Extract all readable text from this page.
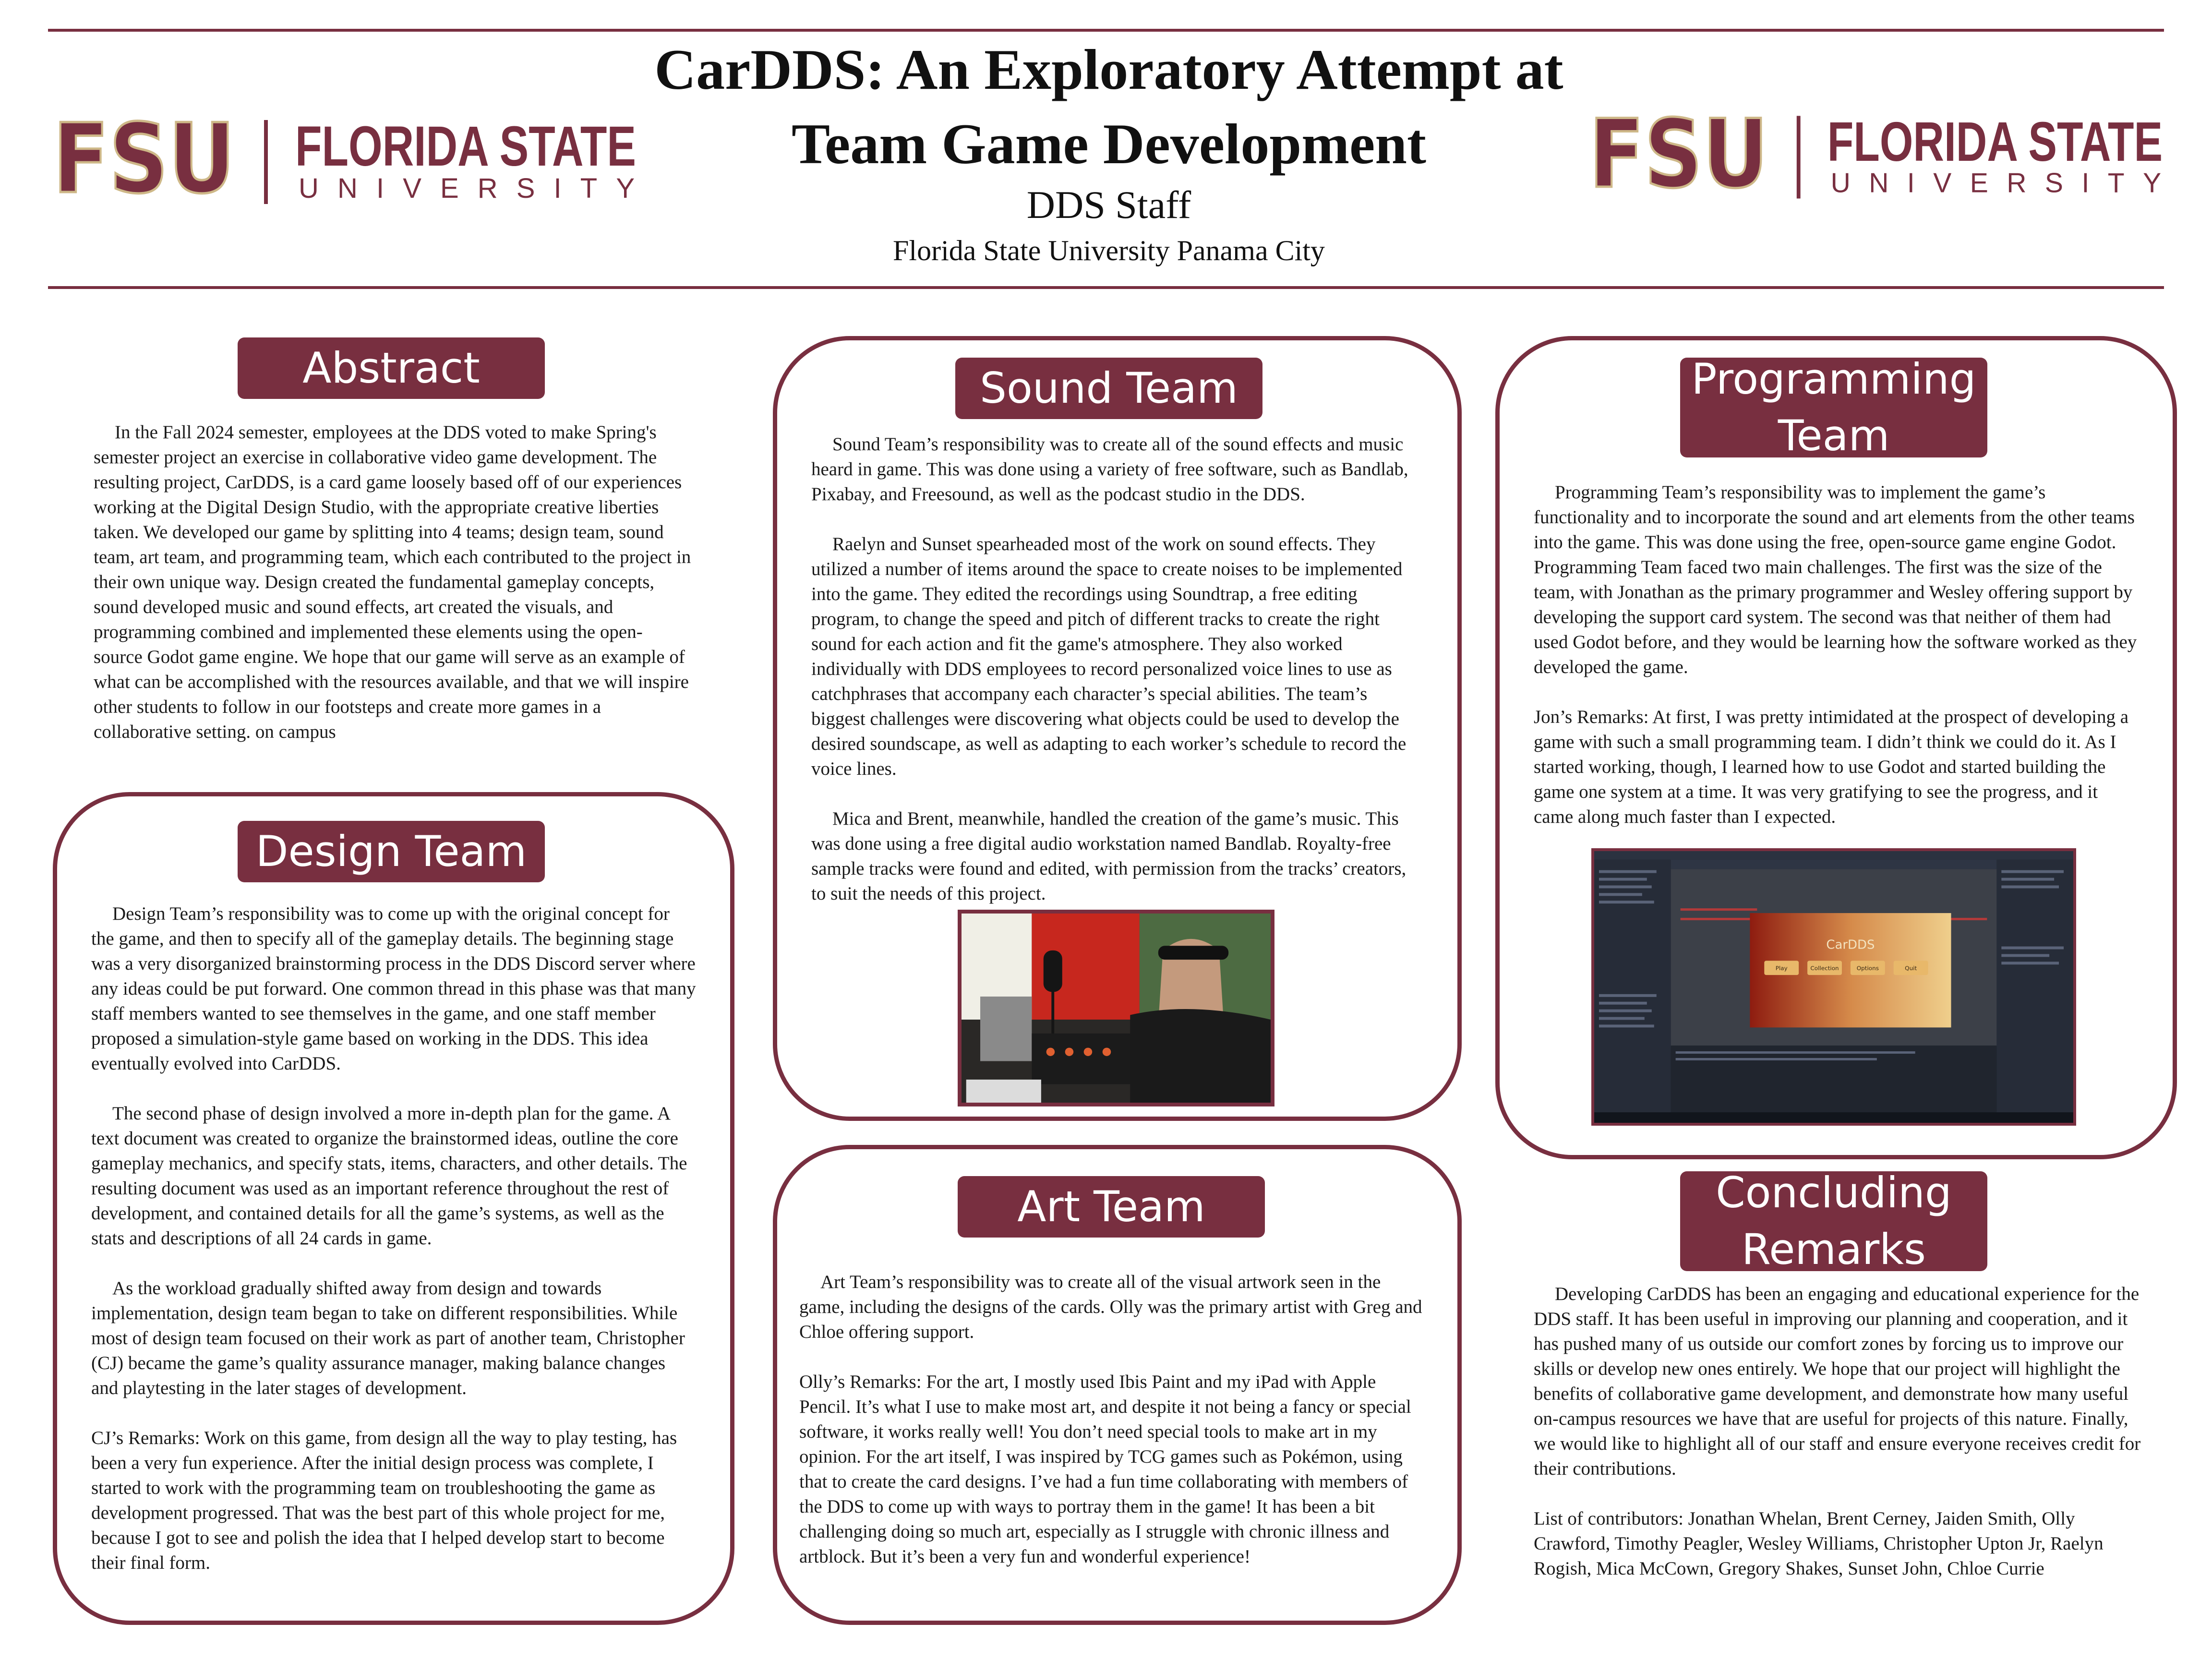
FSU FLORIDA STATE
UNIVERSITY	FSU FLORIDA STATE
UNIVERSITY
CarDDS: An Exploratory Attempt at
Team Game Development
DDS Staff
Florida State University Panama City
Abstract

In the Fall 2024 semester, employees at the DDS voted to make Spring's semester project an exercise in collaborative video game development. The resulting project, CarDDS, is a card game loosely based off of our experiences working at the Digital Design Studio, with the appropriate creative liberties taken. We developed our game by splitting into 4 teams; design team, sound team, art team, and programming team, which each contributed to the project in their own unique way. Design created the fundamental gameplay concepts, sound developed music and sound effects, art created the visuals, and programming combined and implemented these elements using the open-source Godot game engine. We hope that our game will serve as an example of what can be accomplished with the resources available, and that we will inspire other students to follow in our footsteps and create more games in a collaborative setting. on campus

Design Team

Design Team’s responsibility was to come up with the original concept for the game, and then to specify all of the gameplay details. The beginning stage was a very disorganized brainstorming process in the DDS Discord server where any ideas could be put forward. One common thread in this phase was that many staff members wanted to see themselves in the game, and one staff member proposed a simulation-style game based on working in the DDS. This idea eventually evolved into CarDDS.

The second phase of design involved a more in-depth plan for the game. A text document was created to organize the brainstormed ideas, outline the core gameplay mechanics, and specify stats, items, characters, and other details. The resulting document was used as an important reference throughout the rest of development, and contained details for all the game’s systems, as well as the stats and descriptions of all 24 cards in game.

As the workload gradually shifted away from design and towards implementation, design team began to take on different responsibilities. While most of design team focused on their work as part of another team, Christopher (CJ) became the game’s quality assurance manager, making balance changes and playtesting in the later stages of development.

CJ’s Remarks: Work on this game, from design all the way to play testing, has been a very fun experience. After the initial design process was complete, I started to work with the programming team on troubleshooting the game as development progressed. That was the best part of this whole project for me, because I got to see and polish the idea that I helped develop start to become their final form.

Sound Team

Sound Team’s responsibility was to create all of the sound effects and music heard in game. This was done using a variety of free software, such as Bandlab, Pixabay, and Freesound, as well as the podcast studio in the DDS.

Raelyn and Sunset spearheaded most of the work on sound effects. They utilized a number of items around the space to create noises to be implemented into the game. They edited the recordings using Soundtrap, a free editing program, to change the speed and pitch of different tracks to create the right sound for each action and fit the game's atmosphere. They also worked individually with DDS employees to record personalized voice lines to use as catchphrases that accompany each character’s special abilities. The team’s biggest challenges were discovering what objects could be used to develop the desired soundscape, as well as adapting to each worker’s schedule to record the voice lines.

Mica and Brent, meanwhile, handled the creation of the game’s music. This was done using a free digital audio workstation named Bandlab. Royalty-free sample tracks were found and edited, with permission from the tracks’ creators, to suit the needs of this project.

Art Team

Art Team’s responsibility was to create all of the visual artwork seen in the game, including the designs of the cards. Olly was the primary artist with Greg and Chloe offering support.

Olly’s Remarks: For the art, I mostly used Ibis Paint and my iPad with Apple Pencil. It’s what I use to make most art, and despite it not being a fancy or special software, it works really well! You don’t need special tools to make art in my opinion. For the art itself, I was inspired by TCG games such as Pokémon, using that to create the card designs. I’ve had a fun time collaborating with members of the DDS to come up with ways to portray them in the game! It has been a bit challenging doing so much art, especially as I struggle with chronic illness and artblock. But it’s been a very fun and wonderful experience!

Programming
Team

Programming Team’s responsibility was to implement the game’s functionality and to incorporate the sound and art elements from the other teams into the game. This was done using the free, open-source game engine Godot. Programming Team faced two main challenges. The first was the size of the team, with Jonathan as the primary programmer and Wesley offering support by developing the support card system. The second was that neither of them had used Godot before, and they would be learning how the software worked as they developed the game.

Jon’s Remarks: At first, I was pretty intimidated at the prospect of developing a game with such a small programming team. I didn’t think we could do it. As I started working, though, I learned how to use Godot and started building the game one system at a time. It was very gratifying to see the progress, and it came along much faster than I expected.

CarDDS
Play	Collection	Options	Quit
Concluding
Remarks

Developing CarDDS has been an engaging and educational experience for the DDS staff. It has been useful in improving our planning and cooperation, and it has pushed many of us outside our comfort zones by forcing us to improve our skills or develop new ones entirely. We hope that our project will highlight the benefits of collaborative game development, and demonstrate how many useful on-campus resources we have that are useful for projects of this nature. Finally, we would like to highlight all of our staff and ensure everyone receives credit for their contributions.

List of contributors: Jonathan Whelan, Brent Cerney, Jaiden Smith, Olly Crawford, Timothy Peagler, Wesley Williams, Christopher Upton Jr, Raelyn Rogish, Mica McCown, Gregory Shakes, Sunset John, Chloe Currie
